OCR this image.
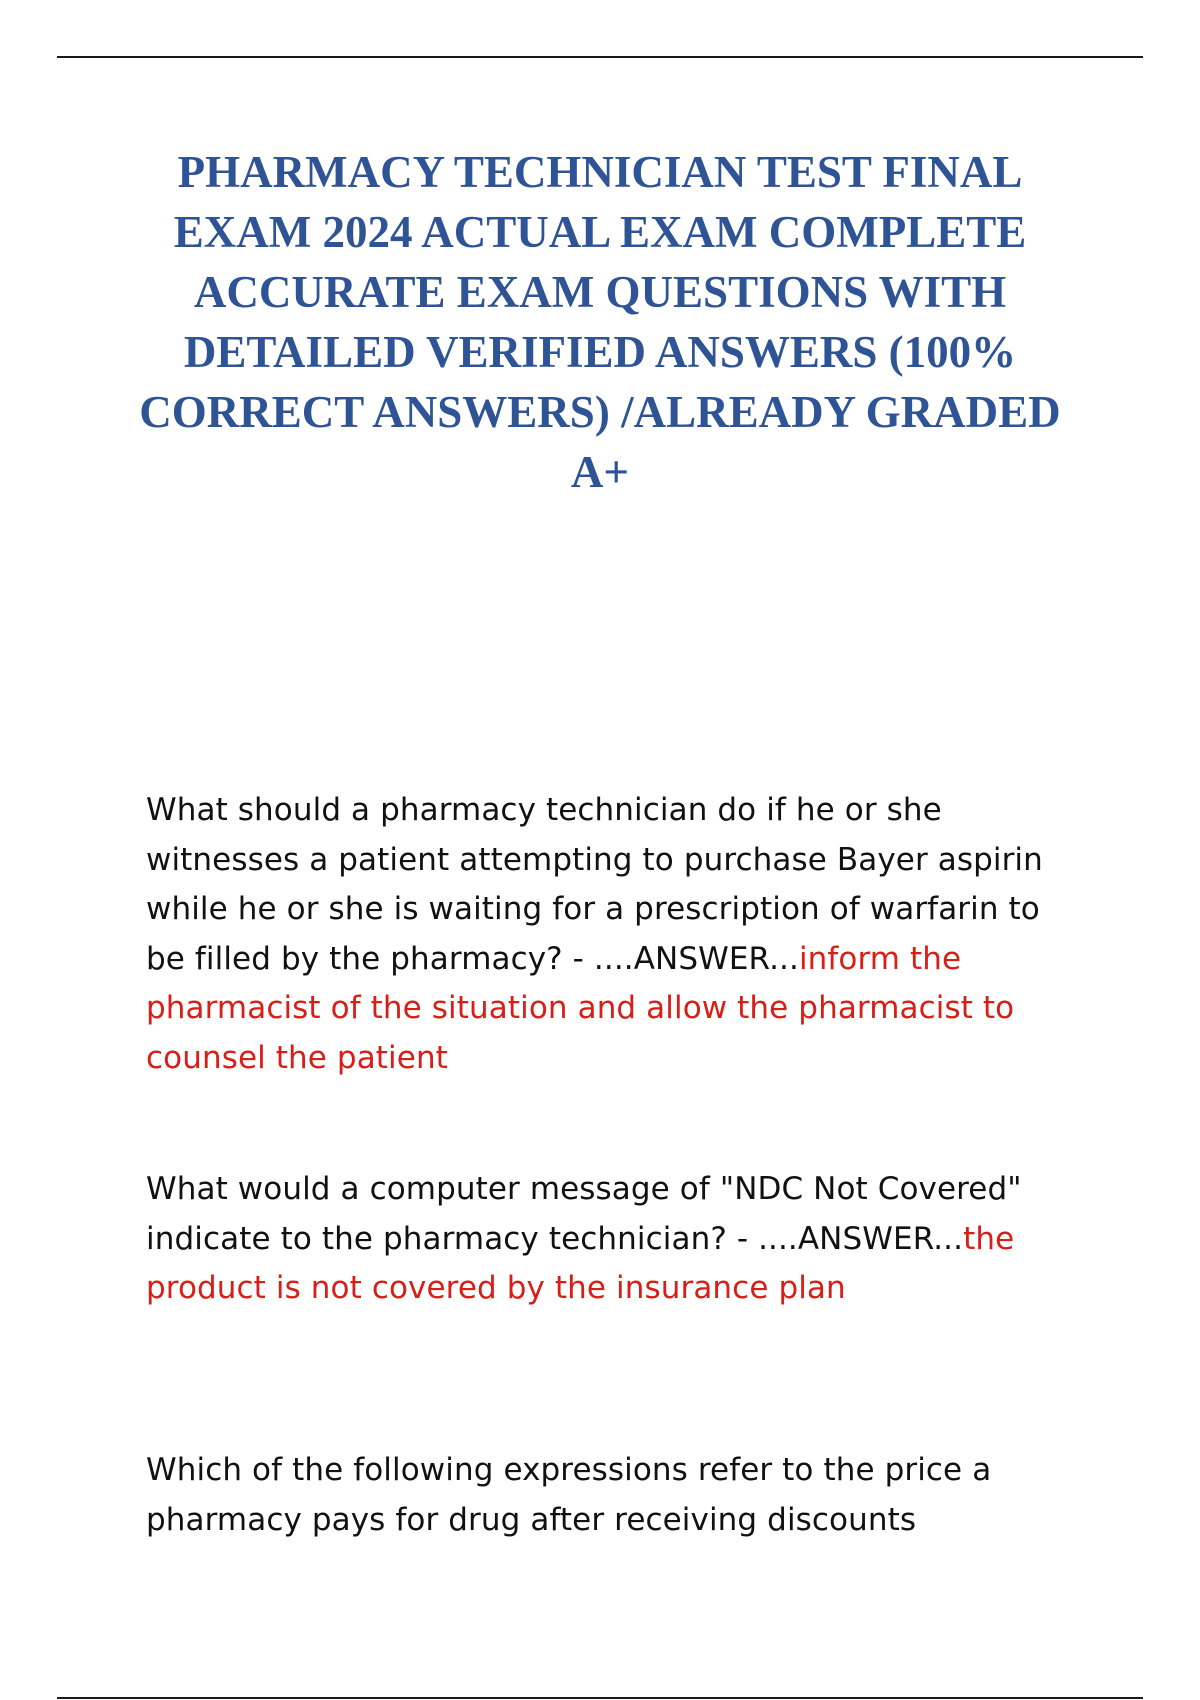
PHARMACY TECHNICIAN TEST FINAL EXAM 2024 ACTUAL EXAM COMPLETE ACCURATE EXAM QUESTIONS WITH DETAILED VERIFIED ANSWERS (100% CORRECT ANSWERS) /ALREADY GRADED A+

What should a pharmacy technician do if he or she witnesses a patient attempting to purchase Bayer aspirin while he or she is waiting for a prescription of warfarin to be filled by the pharmacy? - ....ANSWER...inform the pharmacist of the situation and allow the pharmacist to counsel the patient

What would a computer message of "NDC Not Covered" indicate to the pharmacy technician? - ....ANSWER...the product is not covered by the insurance plan

Which of the following expressions refer to the price a pharmacy pays for drug after receiving discounts
